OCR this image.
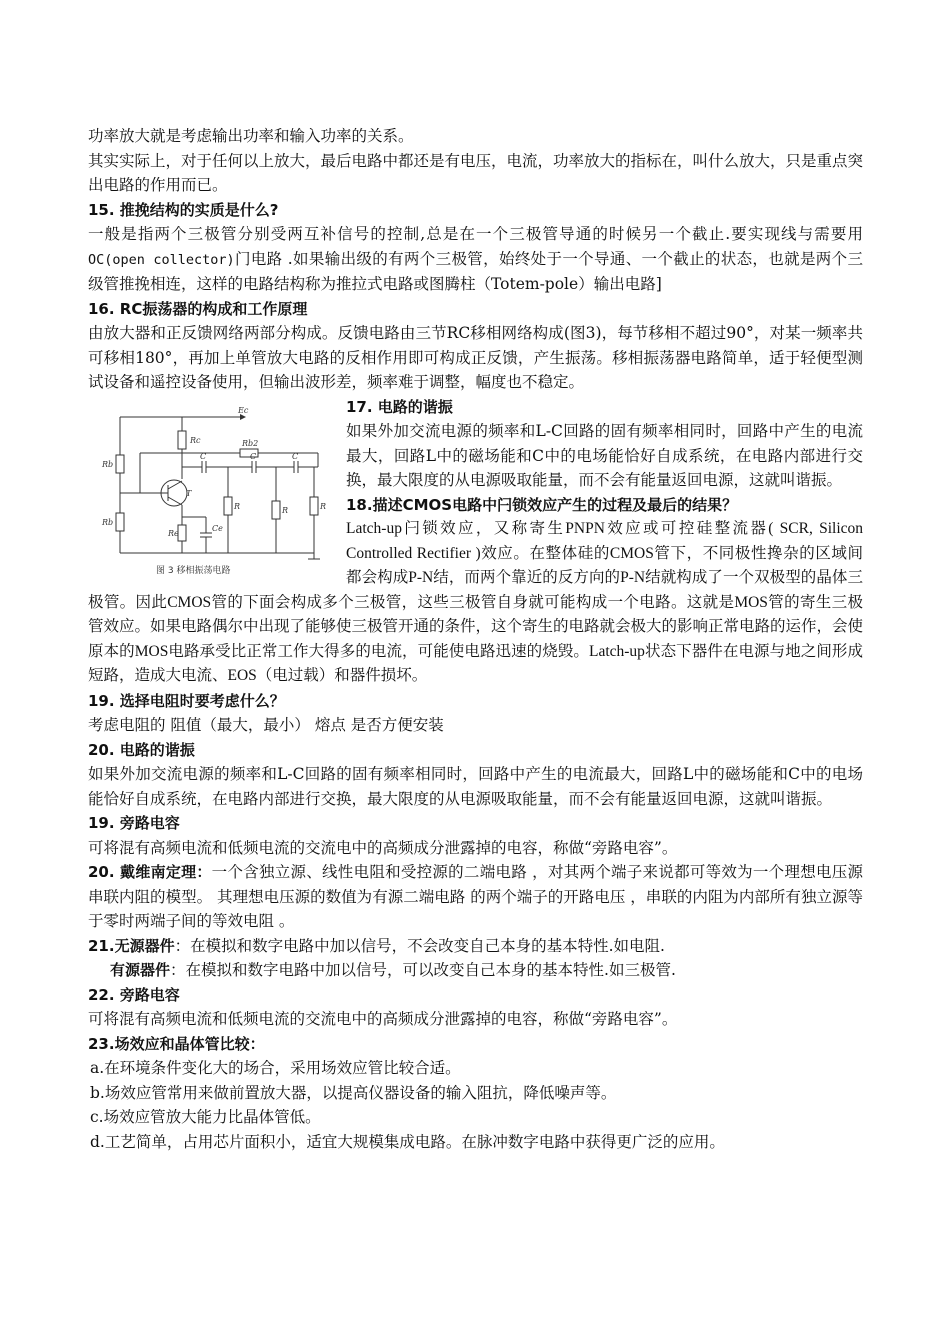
功率放大就是考虑输出功率和输入功率的关系。

其实实际上，对于任何以上放大，最后电路中都还是有电压，电流，功率放大的指标在，叫什么放大，只是重点突出电路的作用而已。

15. 推挽结构的实质是什么?

一般是指两个三极管分别受两互补信号的控制,总是在一个三极管导通的时候另一个截止.要实现线与需要用OC(open collector)门电路 .如果输出级的有两个三极管，始终处于一个导通、一个截止的状态，也就是两个三级管推挽相连，这样的电路结构称为推拉式电路或图腾柱（Totem-pole）输出电路]

16. RC振荡器的构成和工作原理

由放大器和正反馈网络两部分构成。反馈电路由三节RC移相网络构成(图3)，每节移相不超过90°，对某一频率共可移相180°，再加上单管放大电路的反相作用即可构成正反馈，产生振荡。移相振荡器电路简单，适于轻便型测试设备和遥控设备使用，但输出波形差，频率难于调整，幅度也不稳定。

Ec
Rb
Rb
Rc
Re
Ce
T
Rb2
C	C	C
R	R	R
图 3 移相振荡电路

17. 电路的谐振

如果外加交流电源的频率和L-C回路的固有频率相同时，回路中产生的电流最大，回路L中的磁场能和C中的电场能恰好自成系统，在电路内部进行交换，最大限度的从电源吸取能量，而不会有能量返回电源，这就叫谐振。

18.描述CMOS电路中闩锁效应产生的过程及最后的结果？

Latch-up闩锁效应，又称寄生PNPN效应或可控硅整流器( SCR, Silicon Controlled Rectifier )效应。在整体硅的CMOS管下，不同极性搀杂的区域间都会构成P-N结，而两个靠近的反方向的P-N结就构成了一个双极型的晶体三极管。因此CMOS管的下面会构成多个三极管，这些三极管自身就可能构成一个电路。这就是MOS管的寄生三极管效应。如果电路偶尔中出现了能够使三极管开通的条件，这个寄生的电路就会极大的影响正常电路的运作，会使原本的MOS电路承受比正常工作大得多的电流，可能使电路迅速的烧毁。Latch-up状态下器件在电源与地之间形成短路，造成大电流、EOS（电过载）和器件损坏。

19. 选择电阻时要考虑什么？

考虑电阻的 阻值（最大，最小） 熔点 是否方便安装

20. 电路的谐振

如果外加交流电源的频率和L-C回路的固有频率相同时，回路中产生的电流最大，回路L中的磁场能和C中的电场能恰好自成系统，在电路内部进行交换，最大限度的从电源吸取能量，而不会有能量返回电源，这就叫谐振。

19. 旁路电容

可将混有高频电流和低频电流的交流电中的高频成分泄露掉的电容，称做“旁路电容”。

20. 戴维南定理：一个含独立源、线性电阻和受控源的二端电路 ，对其两个端子来说都可等效为一个理想电压源串联内阻的模型。 其理想电压源的数值为有源二端电路 的两个端子的开路电压 ，串联的内阻为内部所有独立源等于零时两端子间的等效电阻 。

21.无源器件：在模拟和数字电路中加以信号，不会改变自己本身的基本特性.如电阻.

有源器件：在模拟和数字电路中加以信号，可以改变自己本身的基本特性.如三极管.

22. 旁路电容

可将混有高频电流和低频电流的交流电中的高频成分泄露掉的电容，称做“旁路电容”。

23.场效应和晶体管比较：

a.在环境条件变化大的场合，采用场效应管比较合适。

b.场效应管常用来做前置放大器，以提高仪器设备的输入阻抗，降低噪声等。

c.场效应管放大能力比晶体管低。

d.工艺简单，占用芯片面积小，适宜大规模集成电路。在脉冲数字电路中获得更广泛的应用。
